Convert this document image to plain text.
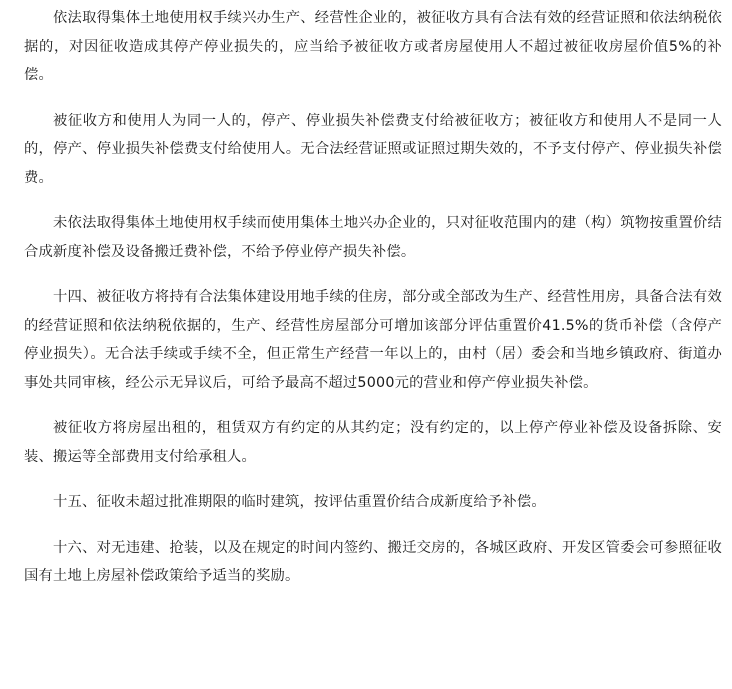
依法取得集体土地使用权手续兴办生产、经营性企业的，被征收方具有合法有效的经营证照和依法纳税依据的，对因征收造成其停产停业损失的，应当给予被征收方或者房屋使用人不超过被征收房屋价值5%的补偿。

被征收方和使用人为同一人的，停产、停业损失补偿费支付给被征收方；被征收方和使用人不是同一人的，停产、停业损失补偿费支付给使用人。无合法经营证照或证照过期失效的，不予支付停产、停业损失补偿费。

未依法取得集体土地使用权手续而使用集体土地兴办企业的，只对征收范围内的建（构）筑物按重置价结合成新度补偿及设备搬迁费补偿，不给予停业停产损失补偿。

十四、被征收方将持有合法集体建设用地手续的住房，部分或全部改为生产、经营性用房，具备合法有效的经营证照和依法纳税依据的，生产、经营性房屋部分可增加该部分评估重置价41.5%的货币补偿（含停产停业损失）。无合法手续或手续不全，但正常生产经营一年以上的，由村（居）委会和当地乡镇政府、街道办事处共同审核，经公示无异议后，可给予最高不超过5000元的营业和停产停业损失补偿。

被征收方将房屋出租的，租赁双方有约定的从其约定；没有约定的，以上停产停业补偿及设备拆除、安装、搬运等全部费用支付给承租人。

十五、征收未超过批准期限的临时建筑，按评估重置价结合成新度给予补偿。

十六、对无违建、抢装，以及在规定的时间内签约、搬迁交房的，各城区政府、开发区管委会可参照征收国有土地上房屋补偿政策给予适当的奖励。
